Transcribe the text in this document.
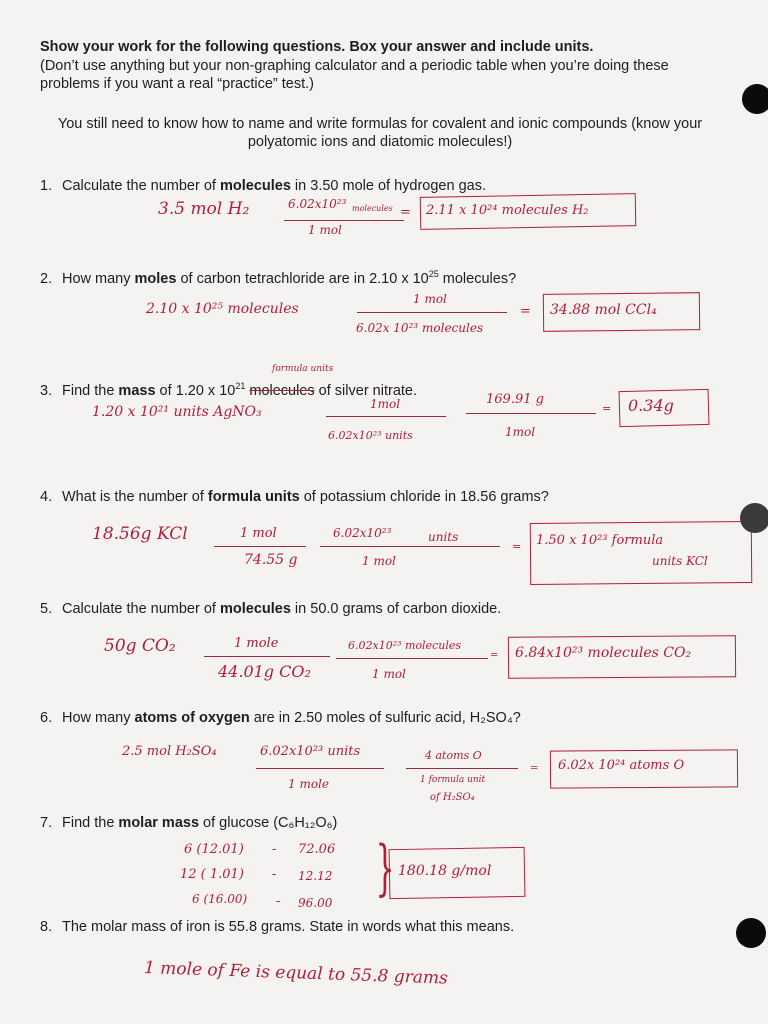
Show your work for the following questions. Box your answer and include units.
(Don’t use anything but your non-graphing calculator and a periodic table when you’re doing these problems if you want a real “practice” test.)
You still need to know how to name and write formulas for covalent and ionic compounds (know your polyatomic ions and diatomic molecules!)
1. Calculate the number of molecules in 3.50 mole of hydrogen gas.
3.5 mol H₂	6.02x10²³ molecules =
1 mol
2.11 x 10²⁴ molecules H₂
2. How many moles of carbon tetrachloride are in 2.10 x $10^{25}$ molecules?
2.10 x 10²⁵ molecules
1 mol
6.02x 10²³ molecules
= 34.88 mol CCl₄
formula units
3. Find the mass of 1.20 x $10^{21}$ molecules of silver nitrate.
1.20 x 10²¹ units AgNO₃	1mol
6.02x10²³ units
169.91 g
1mol
= 0.34g
4. What is the number of formula units of potassium chloride in 18.56 grams?
18.56g KCl	1 mol
74.55 g
6.02x10²³	units
1 mol
= 1.50 x 10²³ formula
units KCl
5. Calculate the number of molecules in 50.0 grams of carbon dioxide.
50g CO₂	1 mole
44.01g CO₂
6.02x10²³ molecules
1 mol
= 6.84x10²³ molecules CO₂
6. How many atoms of oxygen are in 2.50 moles of sulfuric acid, H₂SO₄?
2.5 mol H₂SO₄	6.02x10²³ units
1 mole
4 atoms O
1 formula unit
of H₂SO₄
= 6.02x 10²⁴ atoms O
7. Find the molar mass of glucose (C₆H₁₂O₆)
6 (12.01) - 72.06
12 ( 1.01) - 12.12
6 (16.00) - 96.00 } 180.18 g/mol
8. The molar mass of iron is 55.8 grams. State in words what this means.
1 mole of Fe is equal to 55.8 grams
